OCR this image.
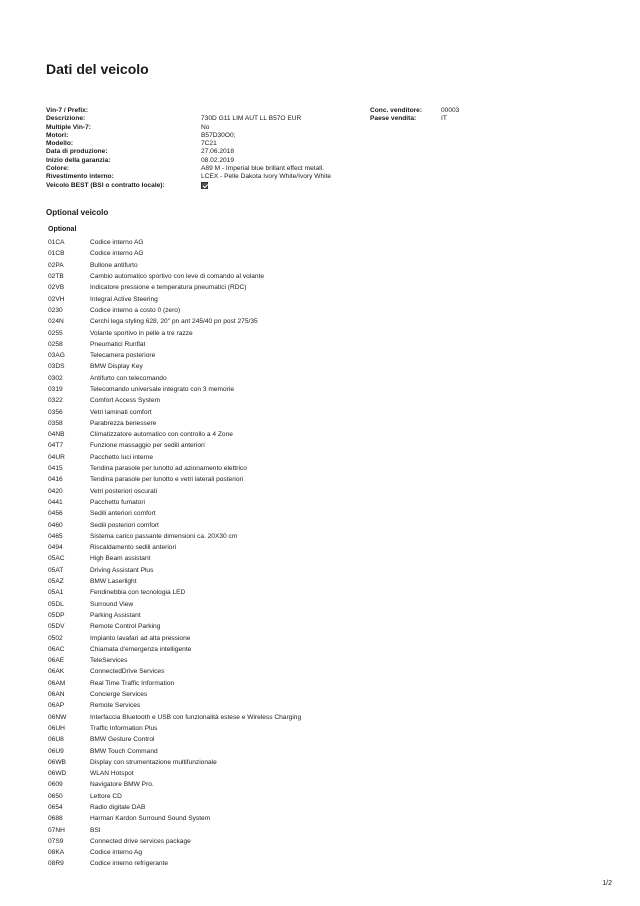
Dati del veicolo
Vin-7 / Prefix:
Descrizione:	730D G11 LIM AUT LL B57O EUR
Multiple Vin-7:	No
Motori:	B57D30O0;
Modello:	7C21
Data di produzione:	27.06.2018
Inizio della garanzia:	08.02.2019
Colore:	A89 M - Imperial blue brillant effect metall.
Rivestimento interno:	LCEX - Pelle Dakota Ivory White/Ivory White
Veicolo BEST (BSI o contratto locale):
Conc. venditore:	00003
Paese vendita:	IT
Optional veicolo
Optional
01CA	Codice interno AG
01CB	Codice interno AG
02PA	Bullone antifurto
02TB	Cambio automatico sportivo con leve di comando al volante
02VB	Indicatore pressione e temperatura pneumatici (RDC)
02VH	Integral Active Steering
0230	Codice interno a costo 0 (zero)
024N	Cerchi lega styling 628, 20" pn ant 245/40 pn post 275/35
0255	Volante sportivo in pelle a tre razze
0258	Pneumatici Runflat
03AG	Telecamera posteriore
03DS	BMW Display Key
0302	Antifurto con telecomando
0319	Telecomando universale integrato con 3 memorie
0322	Comfort Access System
0356	Vetri laminati comfort
0358	Parabrezza benessere
04NB	Climatizzatore automatico con controllo a 4 Zone
04T7	Funzione massaggio per sedili anteriori
04UR	Pacchetto luci interne
0415	Tendina parasole per lunotto ad azionamento elettrico
0416	Tendina parasole per lunotto e vetri laterali posteriori
0420	Vetri posteriori oscurati
0441	Pacchetto fumatori
0456	Sedili anteriori comfort
0460	Sedili posteriori comfort
0465	Sistema carico passante dimensioni ca. 20X30 cm
0494	Riscaldamento sedili anteriori
05AC	High Beam assistant
05AT	Driving Assistant Plus
05AZ	BMW Laserlight
05A1	Fendinebbia con tecnologia LED
05DL	Surround View
05DP	Parking Assistant
05DV	Remote Control Parking
0502	Impianto lavafari ad alta pressione
06AC	Chiamata d'emergenza intelligente
06AE	TeleServices
06AK	ConnectedDrive Services
06AM	Real Time Traffic Information
06AN	Concierge Services
06AP	Remote Services
06NW	Interfaccia Bluetooth e USB con funzionalità estese e Wireless Charging
06UH	Traffic Information Plus
06U8	BMW Gesture Control
06U9	BMW Touch Command
06WB	Display con strumentazione multifunzionale
06WD	WLAN Hotspot
0609	Navigatore BMW Pro.
0650	Lettore CD
0654	Radio digitale DAB
0688	Harman Kardon Surround Sound System
07NH	BSI
07S9	Connected drive services package
08KA	Codice interno Ag
08R9	Codice interno refrigerante
1/2
